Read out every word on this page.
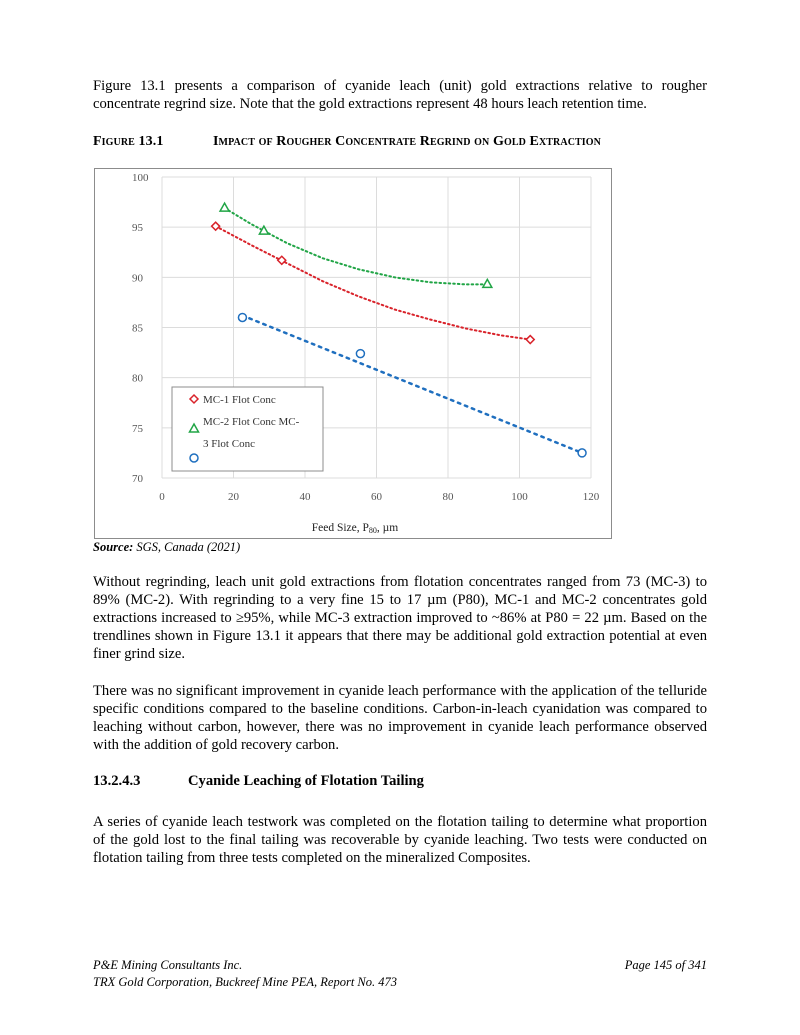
Figure 13.1 presents a comparison of cyanide leach (unit) gold extractions relative to rougher concentrate regrind size. Note that the gold extractions represent 48 hours leach retention time.

Figure 13.1	Impact of Rougher Concentrate Regrind on Gold Extraction
70
75
80
85
90
95
100
0	20	40	60	80	100	120
MC-1 Flot Conc
MC-2 Flot Conc MC-
3 Flot Conc
Feed Size, P80, µm
Source: SGS, Canada (2021)

Without regrinding, leach unit gold extractions from flotation concentrates ranged from 73 (MC-3) to 89% (MC-2). With regrinding to a very fine 15 to 17 µm (P80), MC-1 and MC-2 concentrates gold extractions increased to ≥95%, while MC-3 extraction improved to ~86% at P80 = 22 µm. Based on the trendlines shown in Figure 13.1 it appears that there may be additional gold extraction potential at even finer grind size.

There was no significant improvement in cyanide leach performance with the application of the telluride specific conditions compared to the baseline conditions. Carbon-in-leach cyanidation was compared to leaching without carbon, however, there was no improvement in cyanide leach performance observed with the addition of gold recovery carbon.

13.2.4.3	Cyanide Leaching of Flotation Tailing

A series of cyanide leach testwork was completed on the flotation tailing to determine what proportion of the gold lost to the final tailing was recoverable by cyanide leaching. Two tests were conducted on flotation tailing from three tests completed on the mineralized Composites.

P&E Mining Consultants Inc.	Page 145 of 341
TRX Gold Corporation, Buckreef Mine PEA, Report No. 473
